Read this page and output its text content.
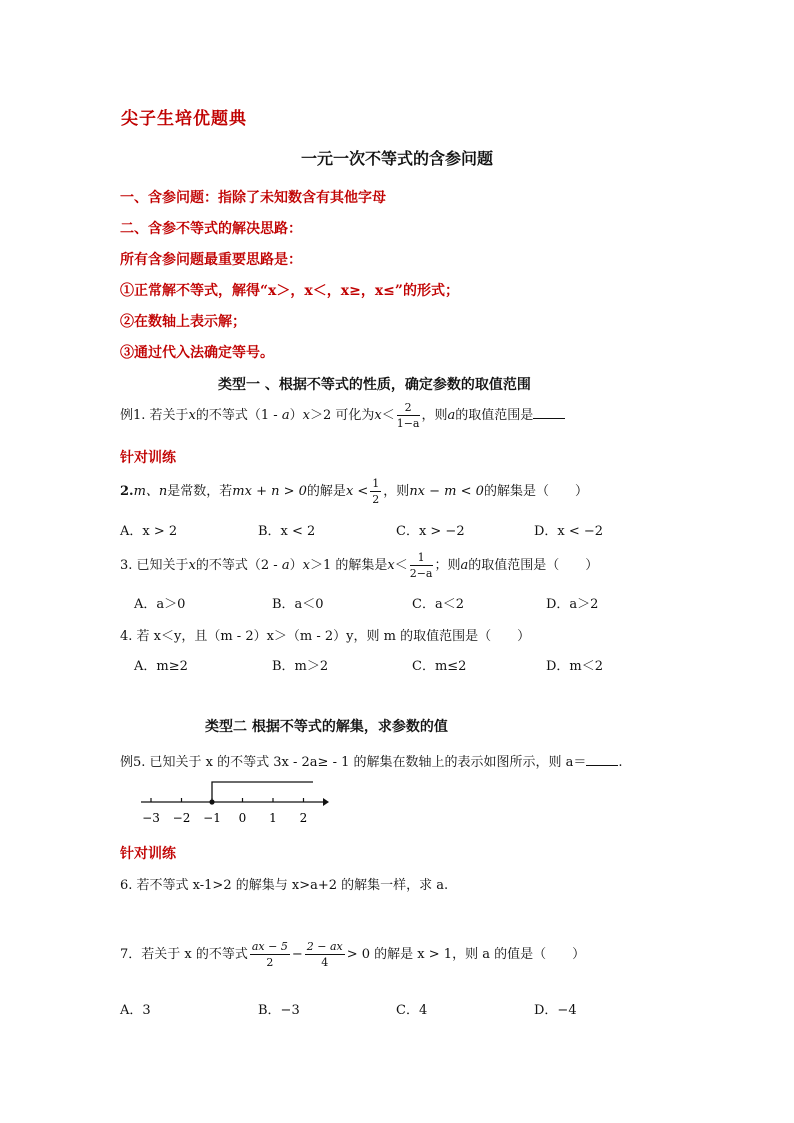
尖子生培优题典
一元一次不等式的含参问题
一、含参问题：指除了未知数含有其他字母
二、含参不等式的解决思路：
所有含参问题最重要思路是：
①正常解不等式，解得“x＞，x＜，x≥，x≤”的形式；
②在数轴上表示解；
③通过代入法确定等号。
类型一 、根据不等式的性质，确定参数的取值范围
例1. 若关于x的不等式（1 - a）x＞2 可化为$x< \frac{2}{1-a}$ ，则a的取值范围是
针对训练
2.m、n是常数，若mx + n > 0的解是$x < \frac{1}{2}$ ，则nx − m < 0的解集是（　　）
A．x > 2	B．x < 2	C．x > −2	D．x < −2
3. 已知关于x的不等式（2 - a）x＞1 的解集是$x< \frac{1}{2-a}$ ；则a的取值范围是（　　）
A．a＞0	B．a＜0	C．a＜2	D．a＞2
4. 若 x＜y，且（m - 2）x＞（m - 2）y，则 m 的取值范围是（　　）
A．m≥2	B．m＞2	C．m≤2	D．m＜2
类型二 根据不等式的解集，求参数的值
例5. 已知关于 x 的不等式 3x - 2a≥ - 1 的解集在数轴上的表示如图所示，则 a＝ .
−3 −2 −1 0 1 2
针对训练
6. 若不等式 x-1>2 的解集与 x>a+2 的解集一样，求 a.
7．若关于 x 的不等式 $\frac{ax - 5}{2} - \frac{2 - ax}{4} > 0$ 的解是 x > 1，则 a 的值是（　　）
A．3	B．−3	C．4	D．−4
